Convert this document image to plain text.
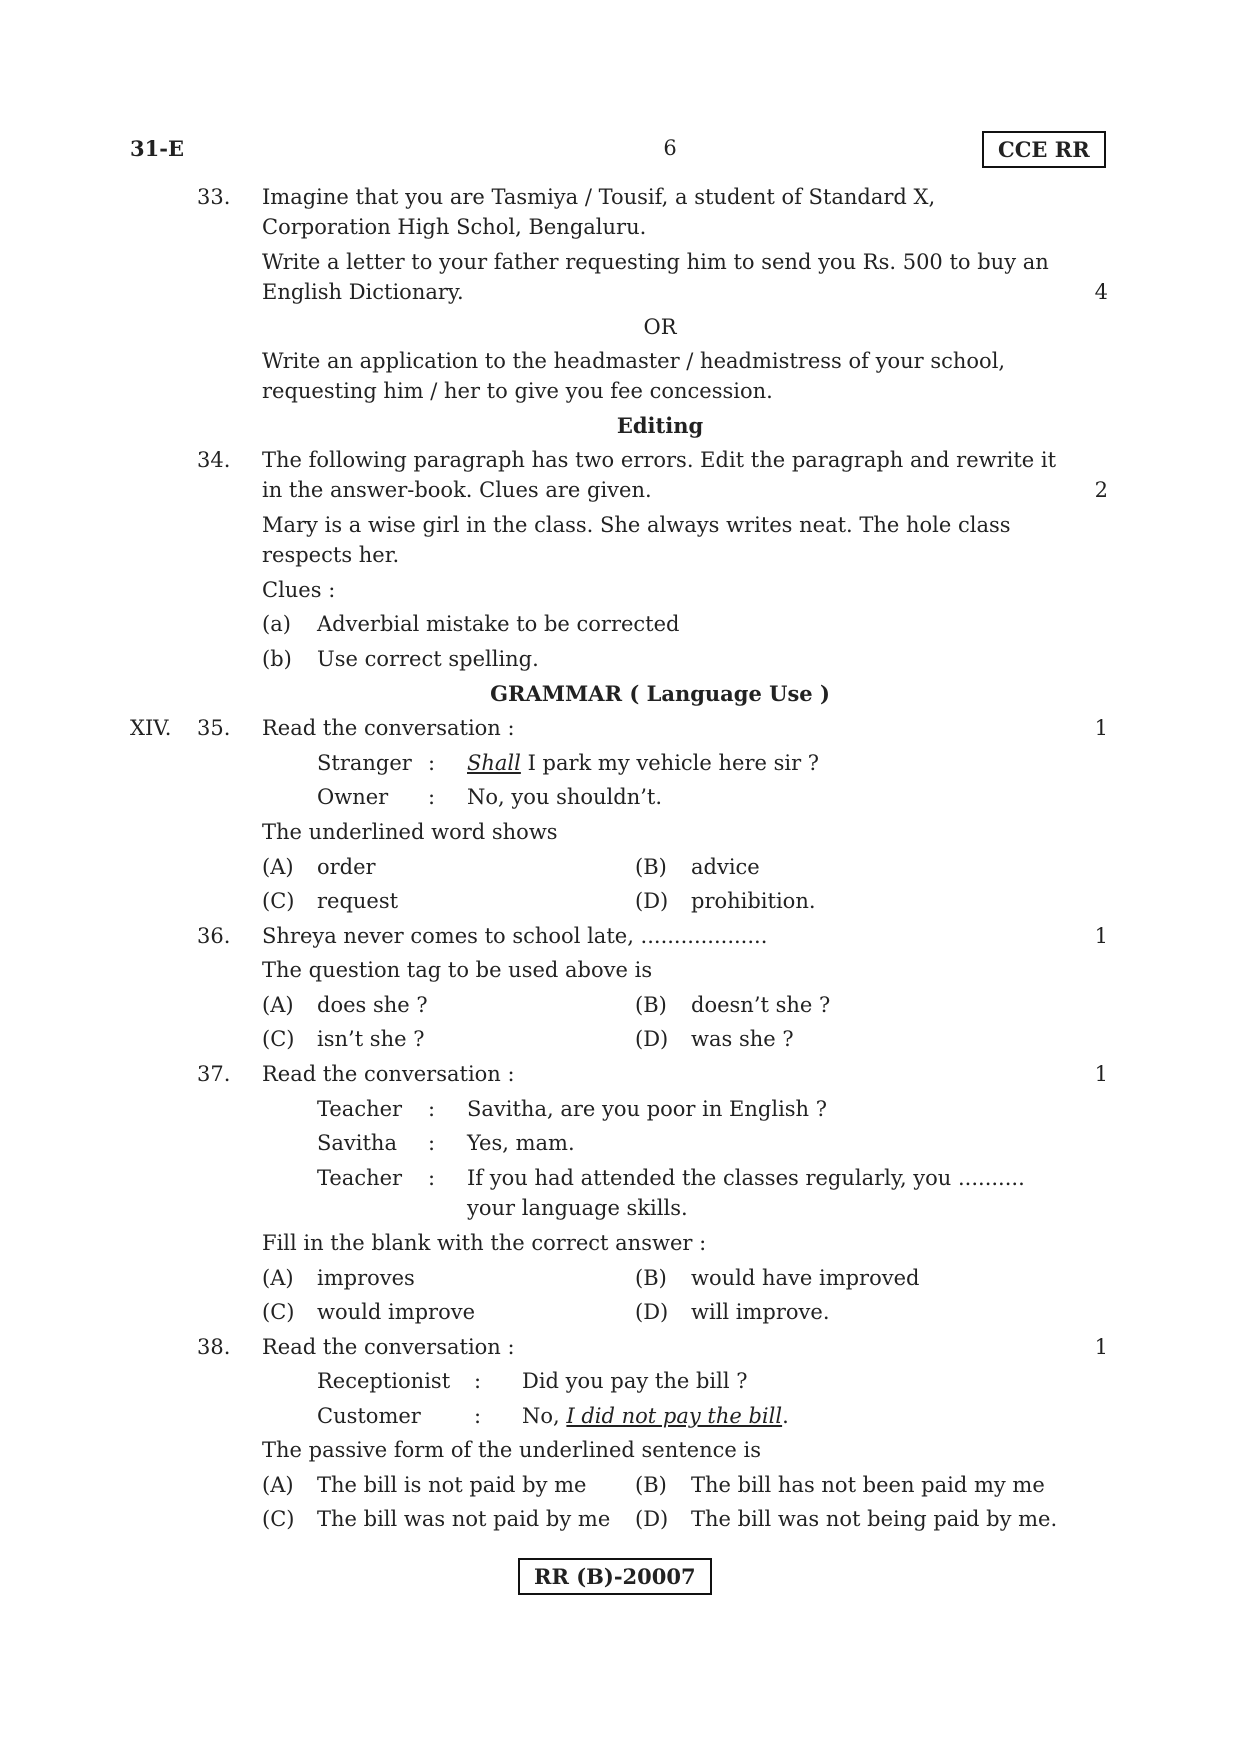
31-E	6	CCE RR
33. Imagine that you are Tasmiya / Tousif, a student of Standard X,
Corporation High Schol, Bengaluru.
Write a letter to your father requesting him to send you Rs. 500 to buy an
English Dictionary.	4
OR
Write an application to the headmaster / headmistress of your school,
requesting him / her to give you fee concession.
Editing
34. The following paragraph has two errors. Edit the paragraph and rewrite it
in the answer-book. Clues are given.	2
Mary is a wise girl in the class. She always writes neat. The hole class
respects her.
Clues :
(a) Adverbial mistake to be corrected
(b) Use correct spelling.
GRAMMAR ( Language Use )
XIV. 35. Read the conversation :	1
Stranger : Shall I park my vehicle here sir ?
Owner : No, you shouldn’t.
The underlined word shows
(A) order	(B) advice
(C) request	(D) prohibition.
36. Shreya never comes to school late, ...................	1
The question tag to be used above is
(A) does she ?	(B) doesn’t she ?
(C) isn’t she ?	(D) was she ?
37. Read the conversation :	1
Teacher : Savitha, are you poor in English ?
Savitha : Yes, mam.
Teacher : If you had attended the classes regularly, you ..........
your language skills.
Fill in the blank with the correct answer :
(A) improves	(B) would have improved
(C) would improve	(D) will improve.
38. Read the conversation :	1
Receptionist : Did you pay the bill ?
Customer	: No, I did not pay the bill.
The passive form of the underlined sentence is
(A) The bill is not paid by me (B) The bill has not been paid my me
(C) The bill was not paid by me (D) The bill was not being paid by me.
RR (B)-20007
